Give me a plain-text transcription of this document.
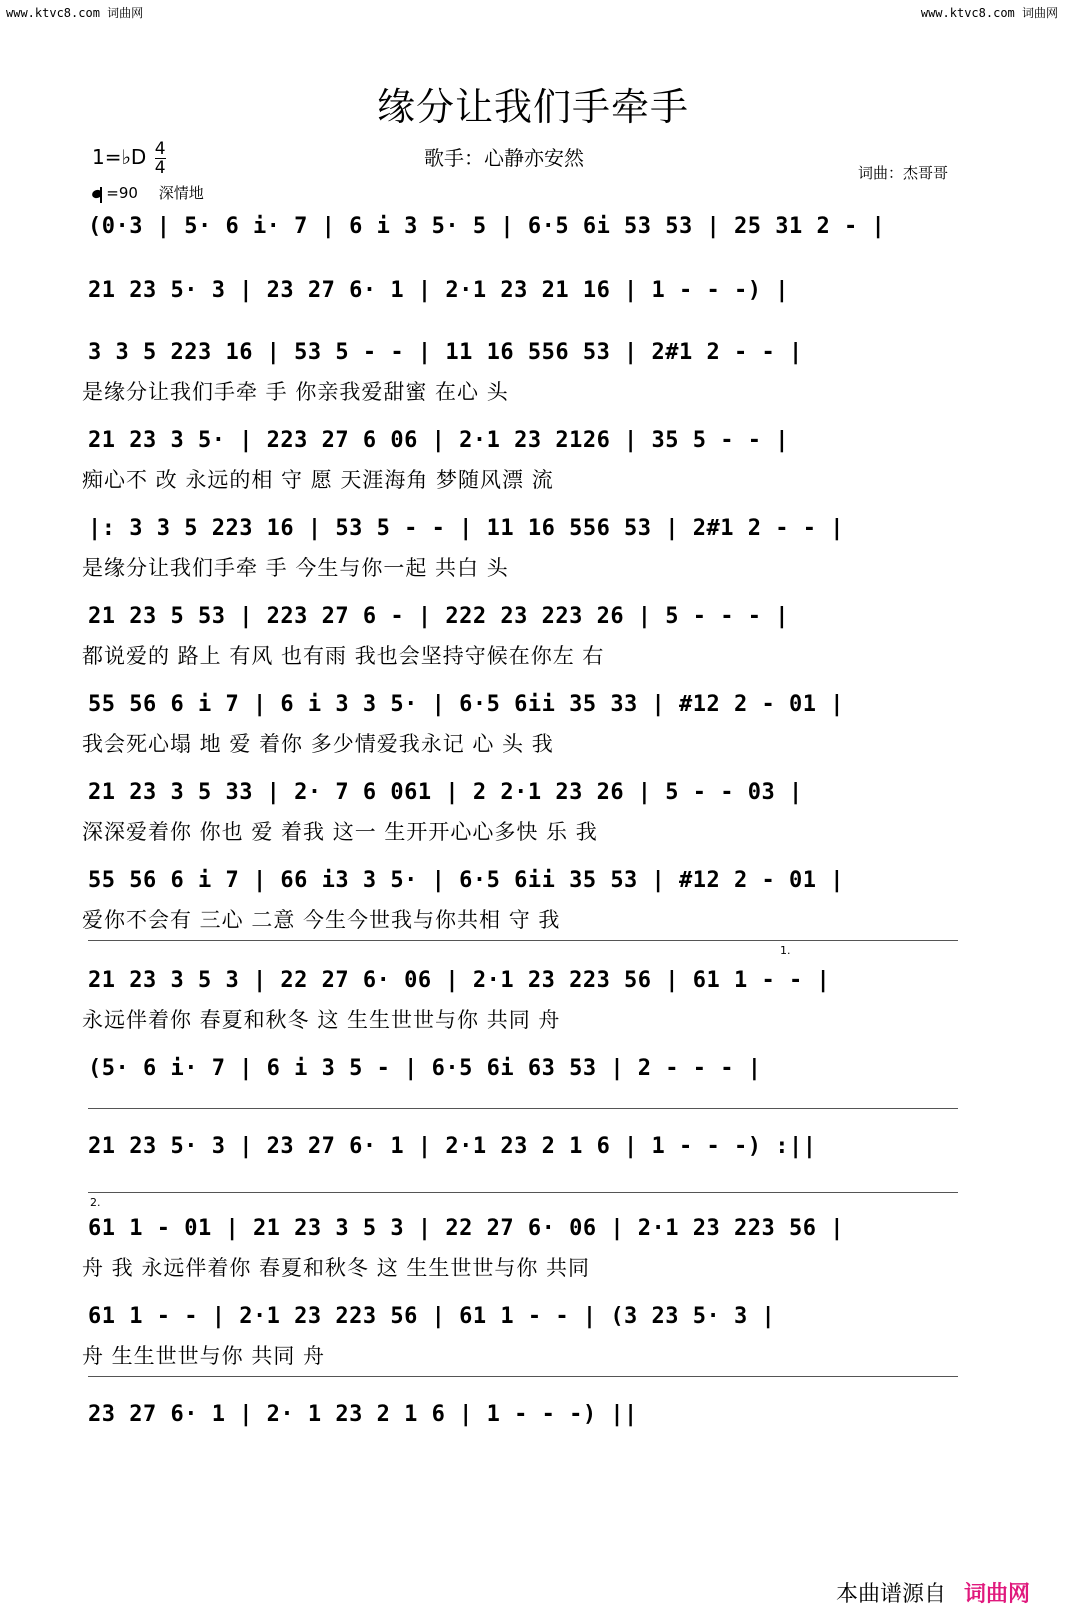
www.ktvc8.com 词曲网	www.ktvc8.com 词曲网
缘分让我们手牵手
1=♭D $\frac{4}{4}$
=90 深情地
歌手：心静亦安然
词曲：杰哥哥
(0·3 | 5· 6 i· 7 | 6 i 3 5· 5 | 6·5 6i 53 53 | 25 31 2 - |
21 23 5· 3 | 23 27 6· 1 | 2·1 23 21 16 | 1 - - -) |
3 3 5 223 16 | 53 5 - - | 11 16 556 53 | 2#1 2 - - |
是缘分让我们手牵 手 你亲我爱甜蜜 在心 头
21 23 3 5· | 223 27 6 06 | 2·1 23 2126 | 35 5 - - |
痴心不 改 永远的相 守 愿 天涯海角 梦随风漂 流
|: 3 3 5 223 16 | 53 5 - - | 11 16 556 53 | 2#1 2 - - |
是缘分让我们手牵 手 今生与你一起 共白 头
21 23 5 53 | 223 27 6 - | 222 23 223 26 | 5 - - - |
都说爱的 路上 有风 也有雨 我也会坚持守候在你左 右
55 56 6 i 7 | 6 i 3 3 5· | 6·5 6ii 35 33 | #12 2 - 01 |
我会死心塌 地 爱 着你 多少情爱我永记 心 头 我
21 23 3 5 33 | 2· 7 6 061 | 2 2·1 23 26 | 5 - - 03 |
深深爱着你 你也 爱 着我 这一 生开开心心多快 乐 我
55 56 6 i 7 | 66 i3 3 5· | 6·5 6ii 35 53 | #12 2 - 01 |
爱你不会有 三心 二意 今生今世我与你共相 守 我
21 23 3 5 3 | 22 27 6· 06 | 2·1 23 223 56 | 61 1 - - |
永远伴着你 春夏和秋冬 这 生生世世与你 共同 舟
(5· 6 i· 7 | 6 i 3 5 - | 6·5 6i 63 53 | 2 - - - |
21 23 5· 3 | 23 27 6· 1 | 2·1 23 2 1 6 | 1 - - -) :||
61 1 - 01 | 21 23 3 5 3 | 22 27 6· 06 | 2·1 23 223 56 |
舟 我 永远伴着你 春夏和秋冬 这 生生世世与你 共同
61 1 - - | 2·1 23 223 56 | 61 1 - - | (3 23 5· 3 |
舟 生生世世与你 共同 舟
23 27 6· 1 | 2· 1 23 2 1 6 | 1 - - -) ||
1.
2.
本曲谱源自 词曲网
